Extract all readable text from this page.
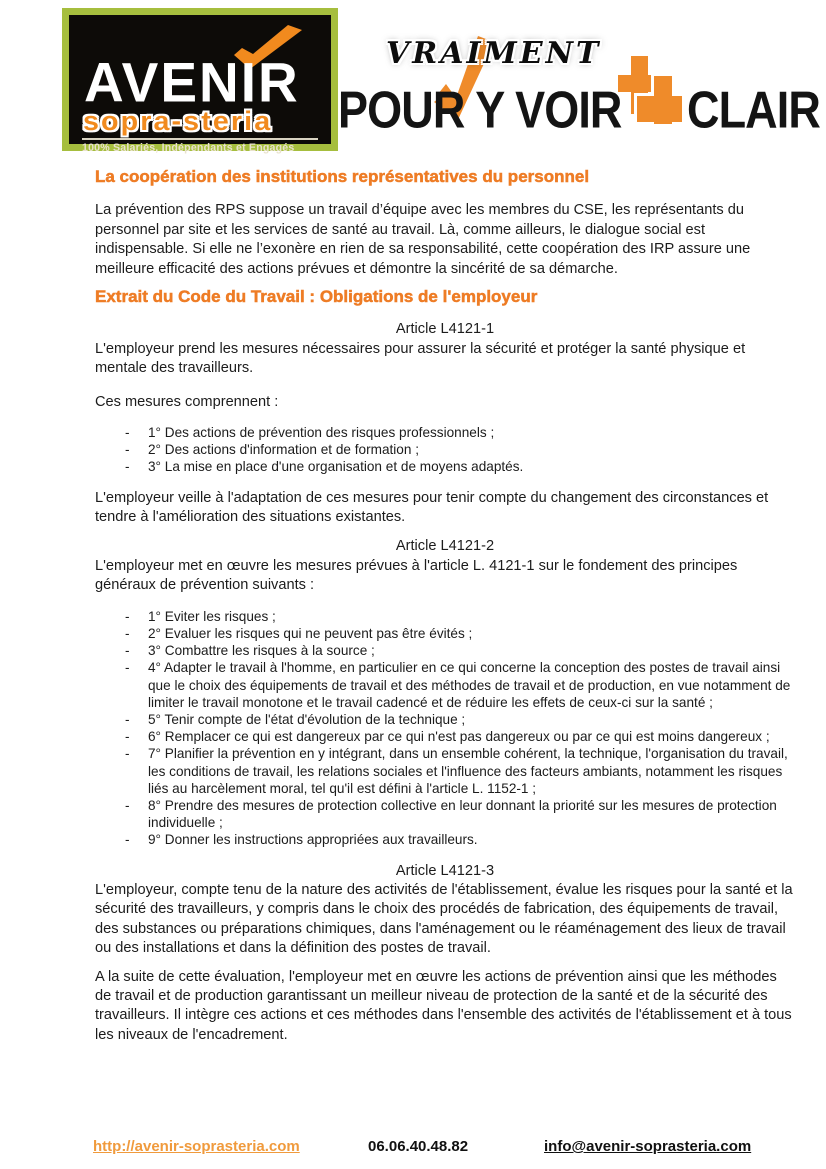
AVENIR
sopra-steria
100% Salariés, Indépendants et Engagés
VRAIMENT
POUR Y VOIR CLAIR
La coopération des institutions représentatives du personnel

La prévention des RPS suppose un travail d’équipe avec les membres du CSE, les représentants du personnel par site et les services de santé au travail. Là, comme ailleurs, le dialogue social est indispensable. Si elle ne l’exonère en rien de sa responsabilité, cette coopération des IRP assure une meilleure efficacité des actions prévues et démontre la sincérité de sa démarche.

Extrait du Code du Travail : Obligations de l'employeur

Article L4121-1

L'employeur prend les mesures nécessaires pour assurer la sécurité et protéger la santé physique et mentale des travailleurs.

Ces mesures comprennent :

- 1° Des actions de prévention des risques professionnels ;
- 2° Des actions d'information et de formation ;
- 3° La mise en place d'une organisation et de moyens adaptés.

L'employeur veille à l'adaptation de ces mesures pour tenir compte du changement des circonstances et tendre à l'amélioration des situations existantes.

Article L4121-2

L'employeur met en œuvre les mesures prévues à l'article L. 4121-1 sur le fondement des principes généraux de prévention suivants :

- 1° Eviter les risques ;
- 2° Evaluer les risques qui ne peuvent pas être évités ;
- 3° Combattre les risques à la source ;
- 4° Adapter le travail à l'homme, en particulier en ce qui concerne la conception des postes de travail ainsi que le choix des équipements de travail et des méthodes de travail et de production, en vue notamment de limiter le travail monotone et le travail cadencé et de réduire les effets de ceux-ci sur la santé ;
- 5° Tenir compte de l'état d'évolution de la technique ;
- 6° Remplacer ce qui est dangereux par ce qui n'est pas dangereux ou par ce qui est moins dangereux ;
- 7° Planifier la prévention en y intégrant, dans un ensemble cohérent, la technique, l'organisation du travail, les conditions de travail, les relations sociales et l'influence des facteurs ambiants, notamment les risques liés au harcèlement moral, tel qu'il est défini à l'article L. 1152-1 ;
- 8° Prendre des mesures de protection collective en leur donnant la priorité sur les mesures de protection individuelle ;
- 9° Donner les instructions appropriées aux travailleurs.

Article L4121-3

L'employeur, compte tenu de la nature des activités de l'établissement, évalue les risques pour la santé et la sécurité des travailleurs, y compris dans le choix des procédés de fabrication, des équipements de travail, des substances ou préparations chimiques, dans l'aménagement ou le réaménagement des lieux de travail ou des installations et dans la définition des postes de travail.

A la suite de cette évaluation, l'employeur met en œuvre les actions de prévention ainsi que les méthodes de travail et de production garantissant un meilleur niveau de protection de la santé et de la sécurité des travailleurs. Il intègre ces actions et ces méthodes dans l'ensemble des activités de l'établissement et à tous les niveaux de l'encadrement.

http://avenir-soprasteria.com	06.06.40.48.82	info@avenir-soprasteria.com
